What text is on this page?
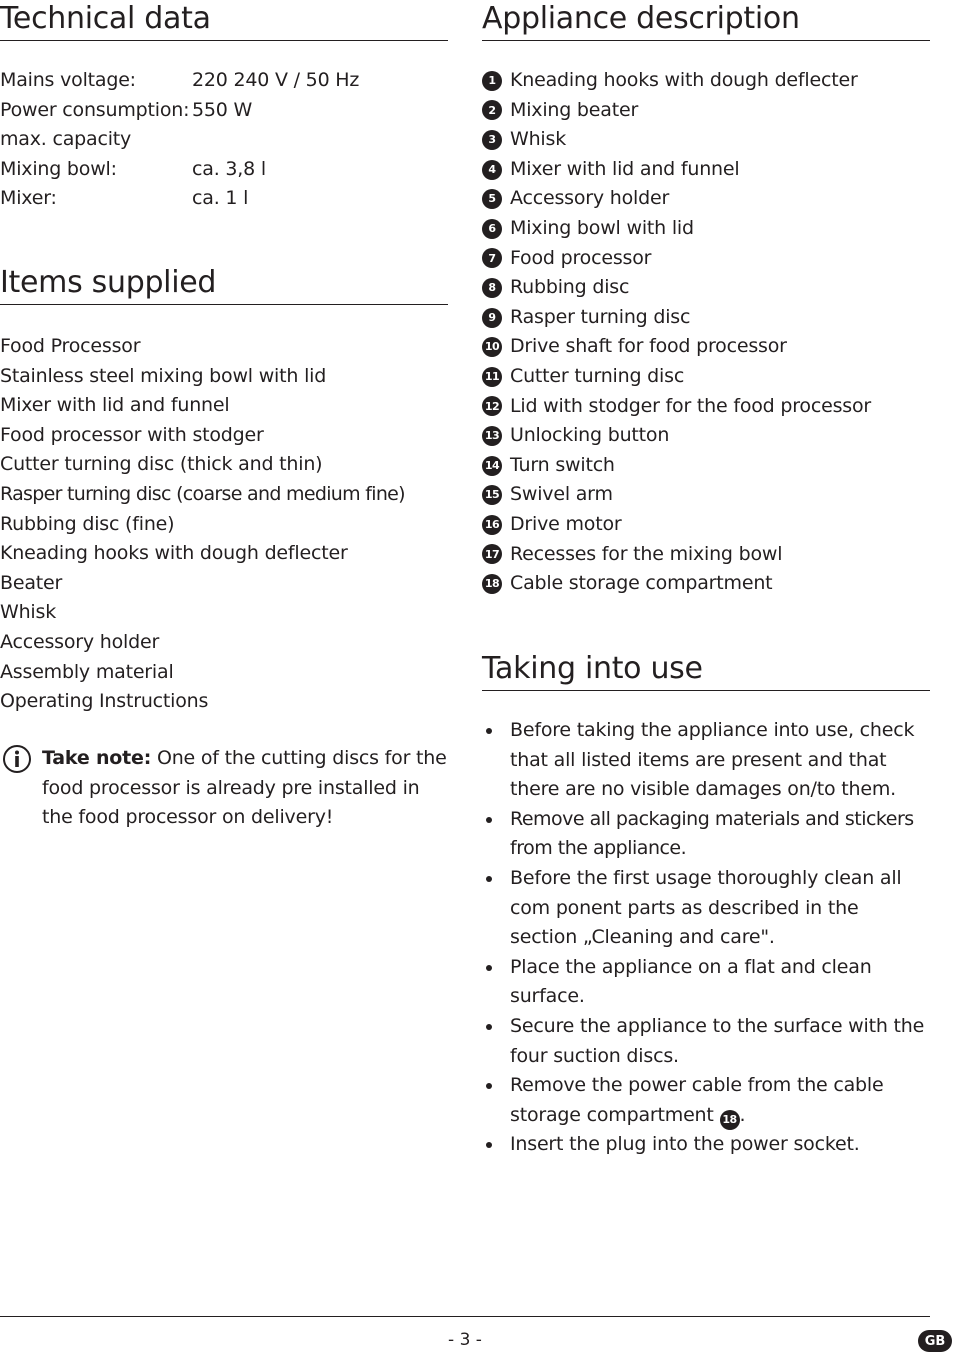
Technical data
Mains voltage:	220 240 V / 50 Hz
Power consumption: 550 W
max. capacity
Mixing bowl:	ca. 3,8 l
Mixer:	ca. 1 l
Items supplied
Food Processor
Stainless steel mixing bowl with lid
Mixer with lid and funnel
Food processor with stodger
Cutter turning disc (thick and thin)
Rasper turning disc (coarse and medium fine)
Rubbing disc (fine)
Kneading hooks with dough deflecter
Beater
Whisk
Accessory holder
Assembly material
Operating Instructions
Take note: One of the cutting discs for the food processor is already pre installed in the food processor on delivery!
Appliance description
1 Kneading hooks with dough deflecter
2 Mixing beater
3 Whisk
4 Mixer with lid and funnel
5 Accessory holder
6 Mixing bowl with lid
7 Food processor
8 Rubbing disc
9 Rasper turning disc
10 Drive shaft for food processor
11 Cutter turning disc
12 Lid with stodger for the food processor
13 Unlocking button
14 Turn switch
15 Swivel arm
16 Drive motor
17 Recesses for the mixing bowl
18 Cable storage compartment
Taking into use
Before taking the appliance into use, check that all listed items are present and that there are no visible damages on/to them.
Remove all packaging materials and stickers from the appliance.
Before the first usage thoroughly clean all com ponent parts as described in the section „Cleaning and care".
Place the appliance on a flat and clean surface.
Secure the appliance to the surface with the four suction discs.
Remove the power cable from the cable storage compartment 18 .
Insert the plug into the power socket.
- 3 -	GB
